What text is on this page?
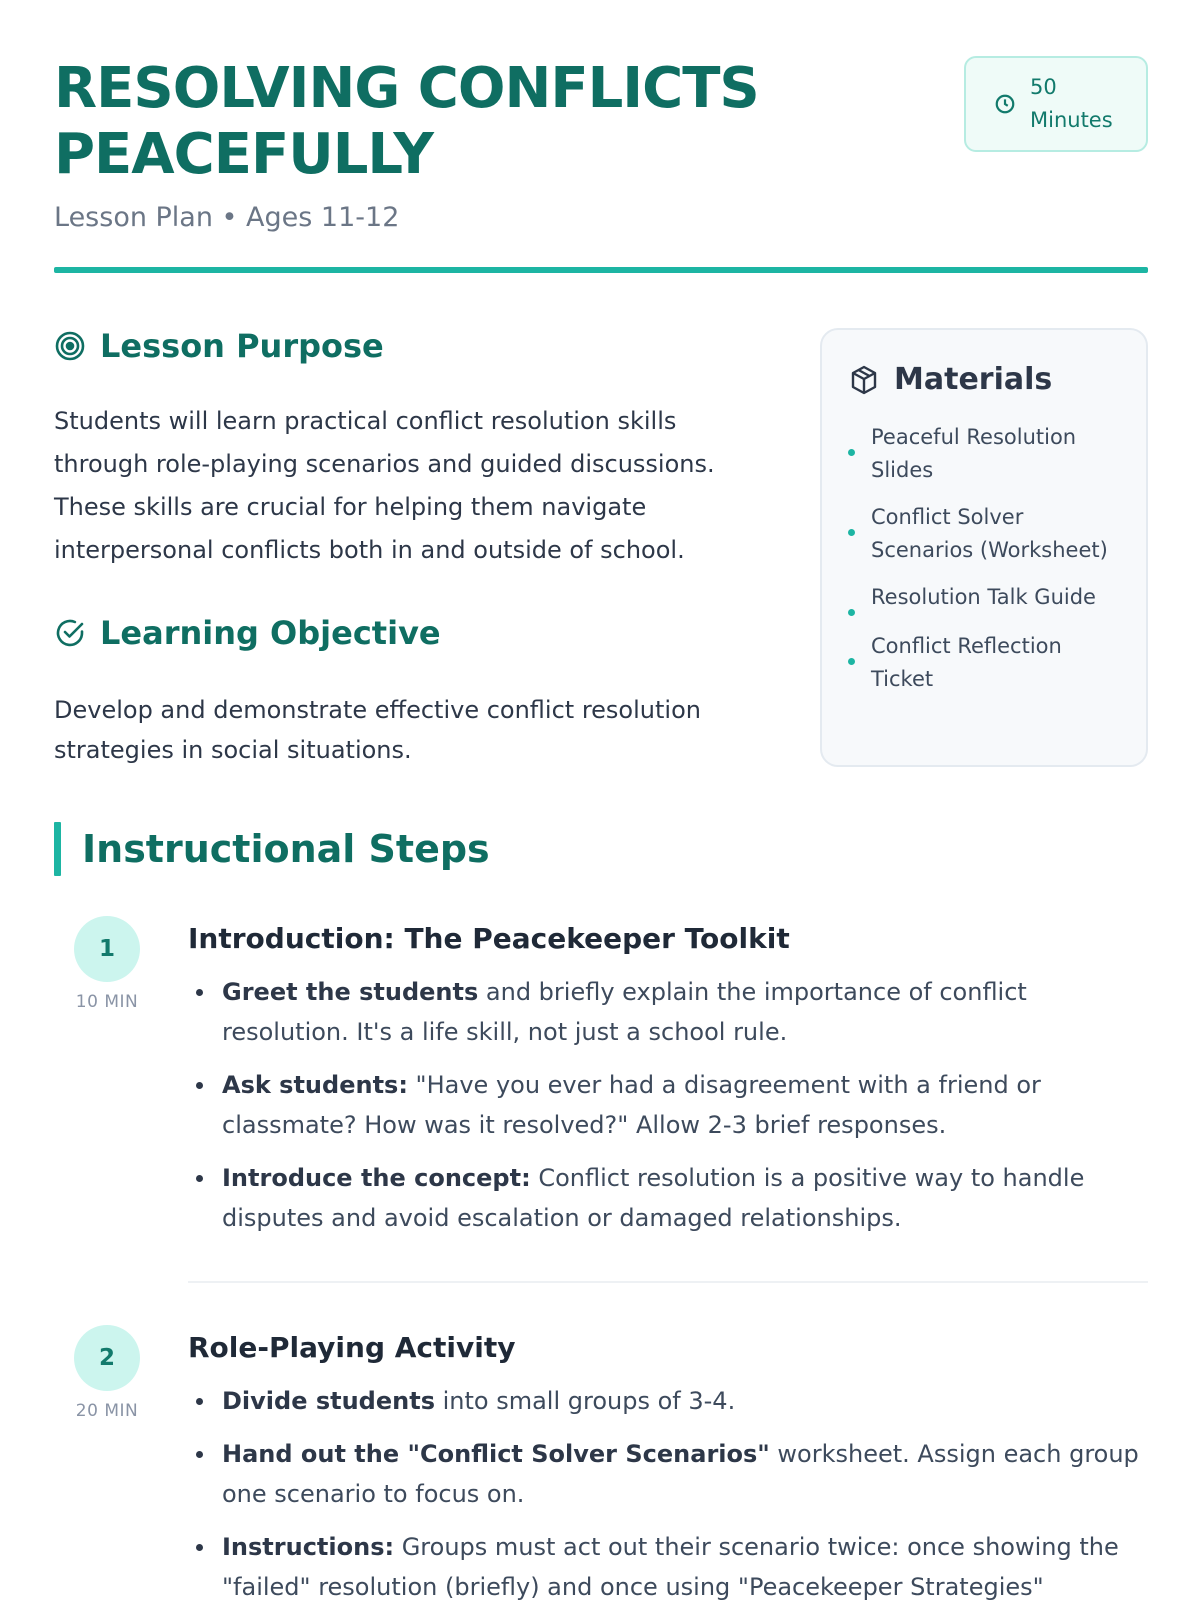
RESOLVING CONFLICTS PEACEFULLY
Lesson Plan • Ages 11-12
50
Minutes
Lesson Purpose

Students will learn practical conflict resolution skills through role-playing scenarios and guided discussions. These skills are crucial for helping them navigate interpersonal conflicts both in and outside of school.

Learning Objective

Develop and demonstrate effective conflict resolution strategies in social situations.

Materials
Peaceful Resolution Slides
Conflict Solver Scenarios (Worksheet)
Resolution Talk Guide
Conflict Reflection Ticket
Instructional Steps
1
10 MIN
Introduction: The Peacekeeper Toolkit
Greet the students and briefly explain the importance of conflict resolution. It's a life skill, not just a school rule.
Ask students: "Have you ever had a disagreement with a friend or classmate? How was it resolved?" Allow 2-3 brief responses.
Introduce the concept: Conflict resolution is a positive way to handle disputes and avoid escalation or damaged relationships.
2
20 MIN
Role-Playing Activity
Divide students into small groups of 3-4.
Hand out the "Conflict Solver Scenarios" worksheet. Assign each group one scenario to focus on.
Instructions: Groups must act out their scenario twice: once showing the "failed" resolution (briefly) and once using "Peacekeeper Strategies"
